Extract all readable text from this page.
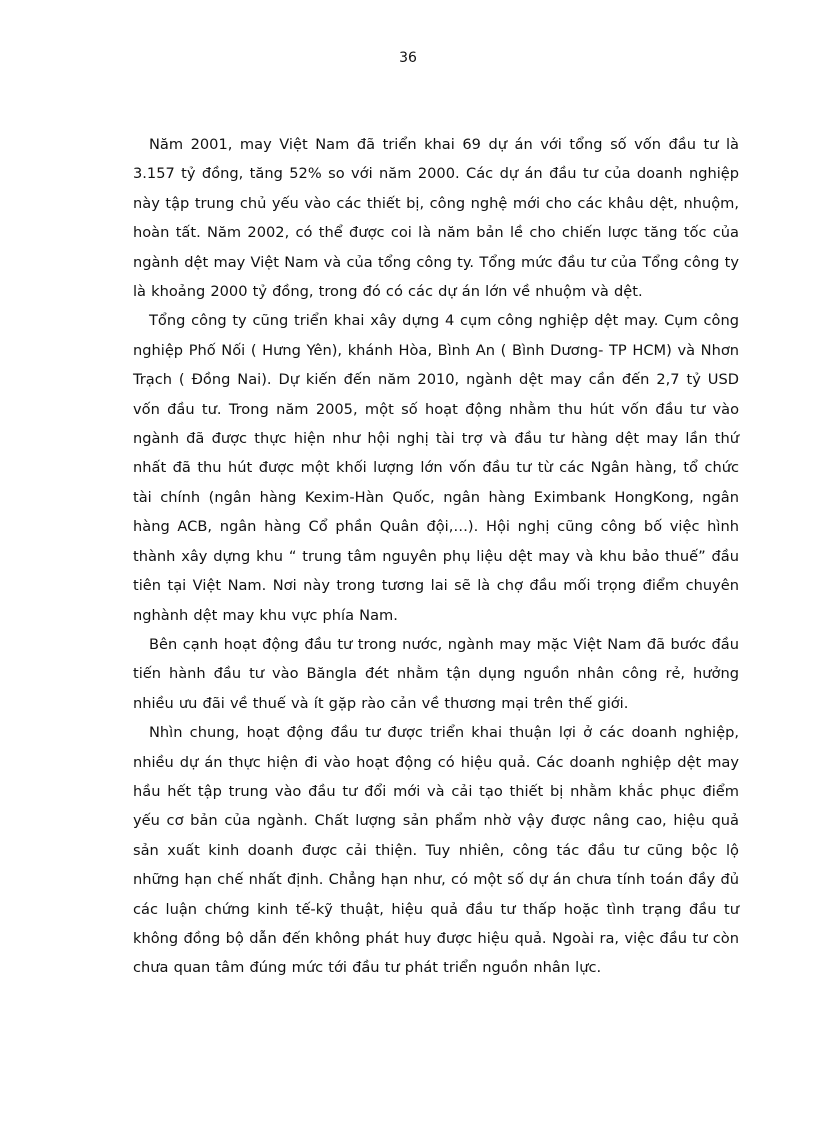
36

Năm 2001, may Việt Nam đã triển khai 69 dự án với tổng số vốn đầu tư là 3.157 tỷ đồng, tăng 52% so với năm 2000. Các dự án đầu tư của doanh nghiệp này tập trung chủ yếu vào các thiết bị, công nghệ mới cho các khâu dệt, nhuộm, hoàn tất. Năm 2002, có thể được coi là năm bản lề cho chiến lược tăng tốc của ngành dệt may Việt Nam và của tổng công ty. Tổng mức đầu tư của Tổng công ty là khoảng 2000 tỷ đồng, trong đó có các dự án lớn về nhuộm và dệt.

Tổng công ty cũng triển khai xây dựng 4 cụm công nghiệp dệt may. Cụm công nghiệp Phố Nối ( Hưng Yên), khánh Hòa, Bình An ( Bình Dương- TP HCM) và Nhơn Trạch ( Đồng Nai). Dự kiến đến năm 2010, ngành dệt may cần đến 2,7 tỷ USD vốn đầu tư. Trong năm 2005, một số hoạt động nhằm thu hút vốn đầu tư vào ngành đã được thực hiện như hội nghị tài trợ và đầu tư hàng dệt may lần thứ nhất đã thu hút được một khối lượng lớn vốn đầu tư từ các Ngân hàng, tổ chức tài chính (ngân hàng Kexim-Hàn Quốc, ngân hàng Eximbank HongKong, ngân hàng ACB, ngân hàng Cổ phần Quân đội,…). Hội nghị cũng công bố việc hình thành xây dựng khu “ trung tâm nguyên phụ liệu dệt may và khu bảo thuế” đầu tiên tại Việt Nam. Nơi này trong tương lai sẽ là chợ đầu mối trọng điểm chuyên nghành dệt may khu vực phía Nam.

Bên cạnh hoạt động đầu tư trong nước, ngành may mặc Việt Nam đã bước đầu tiến hành đầu tư vào Băngla đét nhằm tận dụng nguồn nhân công rẻ, hưởng nhiều ưu đãi về thuế và ít gặp rào cản về thương mại trên thế giới.

Nhìn chung, hoạt động đầu tư được triển khai thuận lợi ở các doanh nghiệp, nhiều dự án thực hiện đi vào hoạt động có hiệu quả. Các doanh nghiệp dệt may hầu hết tập trung vào đầu tư đổi mới và cải tạo thiết bị nhằm khắc phục điểm yếu cơ bản của ngành. Chất lượng sản phẩm nhờ vậy được nâng cao, hiệu quả sản xuất kinh doanh được cải thiện. Tuy nhiên, công tác đầu tư cũng bộc lộ những hạn chế nhất định. Chẳng hạn như, có một số dự án chưa tính toán đầy đủ các luận chứng kinh tế-kỹ thuật, hiệu quả đầu tư thấp hoặc tình trạng đầu tư không đồng bộ dẫn đến không phát huy được hiệu quả. Ngoài ra, việc đầu tư còn chưa quan tâm đúng mức tới đầu tư phát triển nguồn nhân lực.
